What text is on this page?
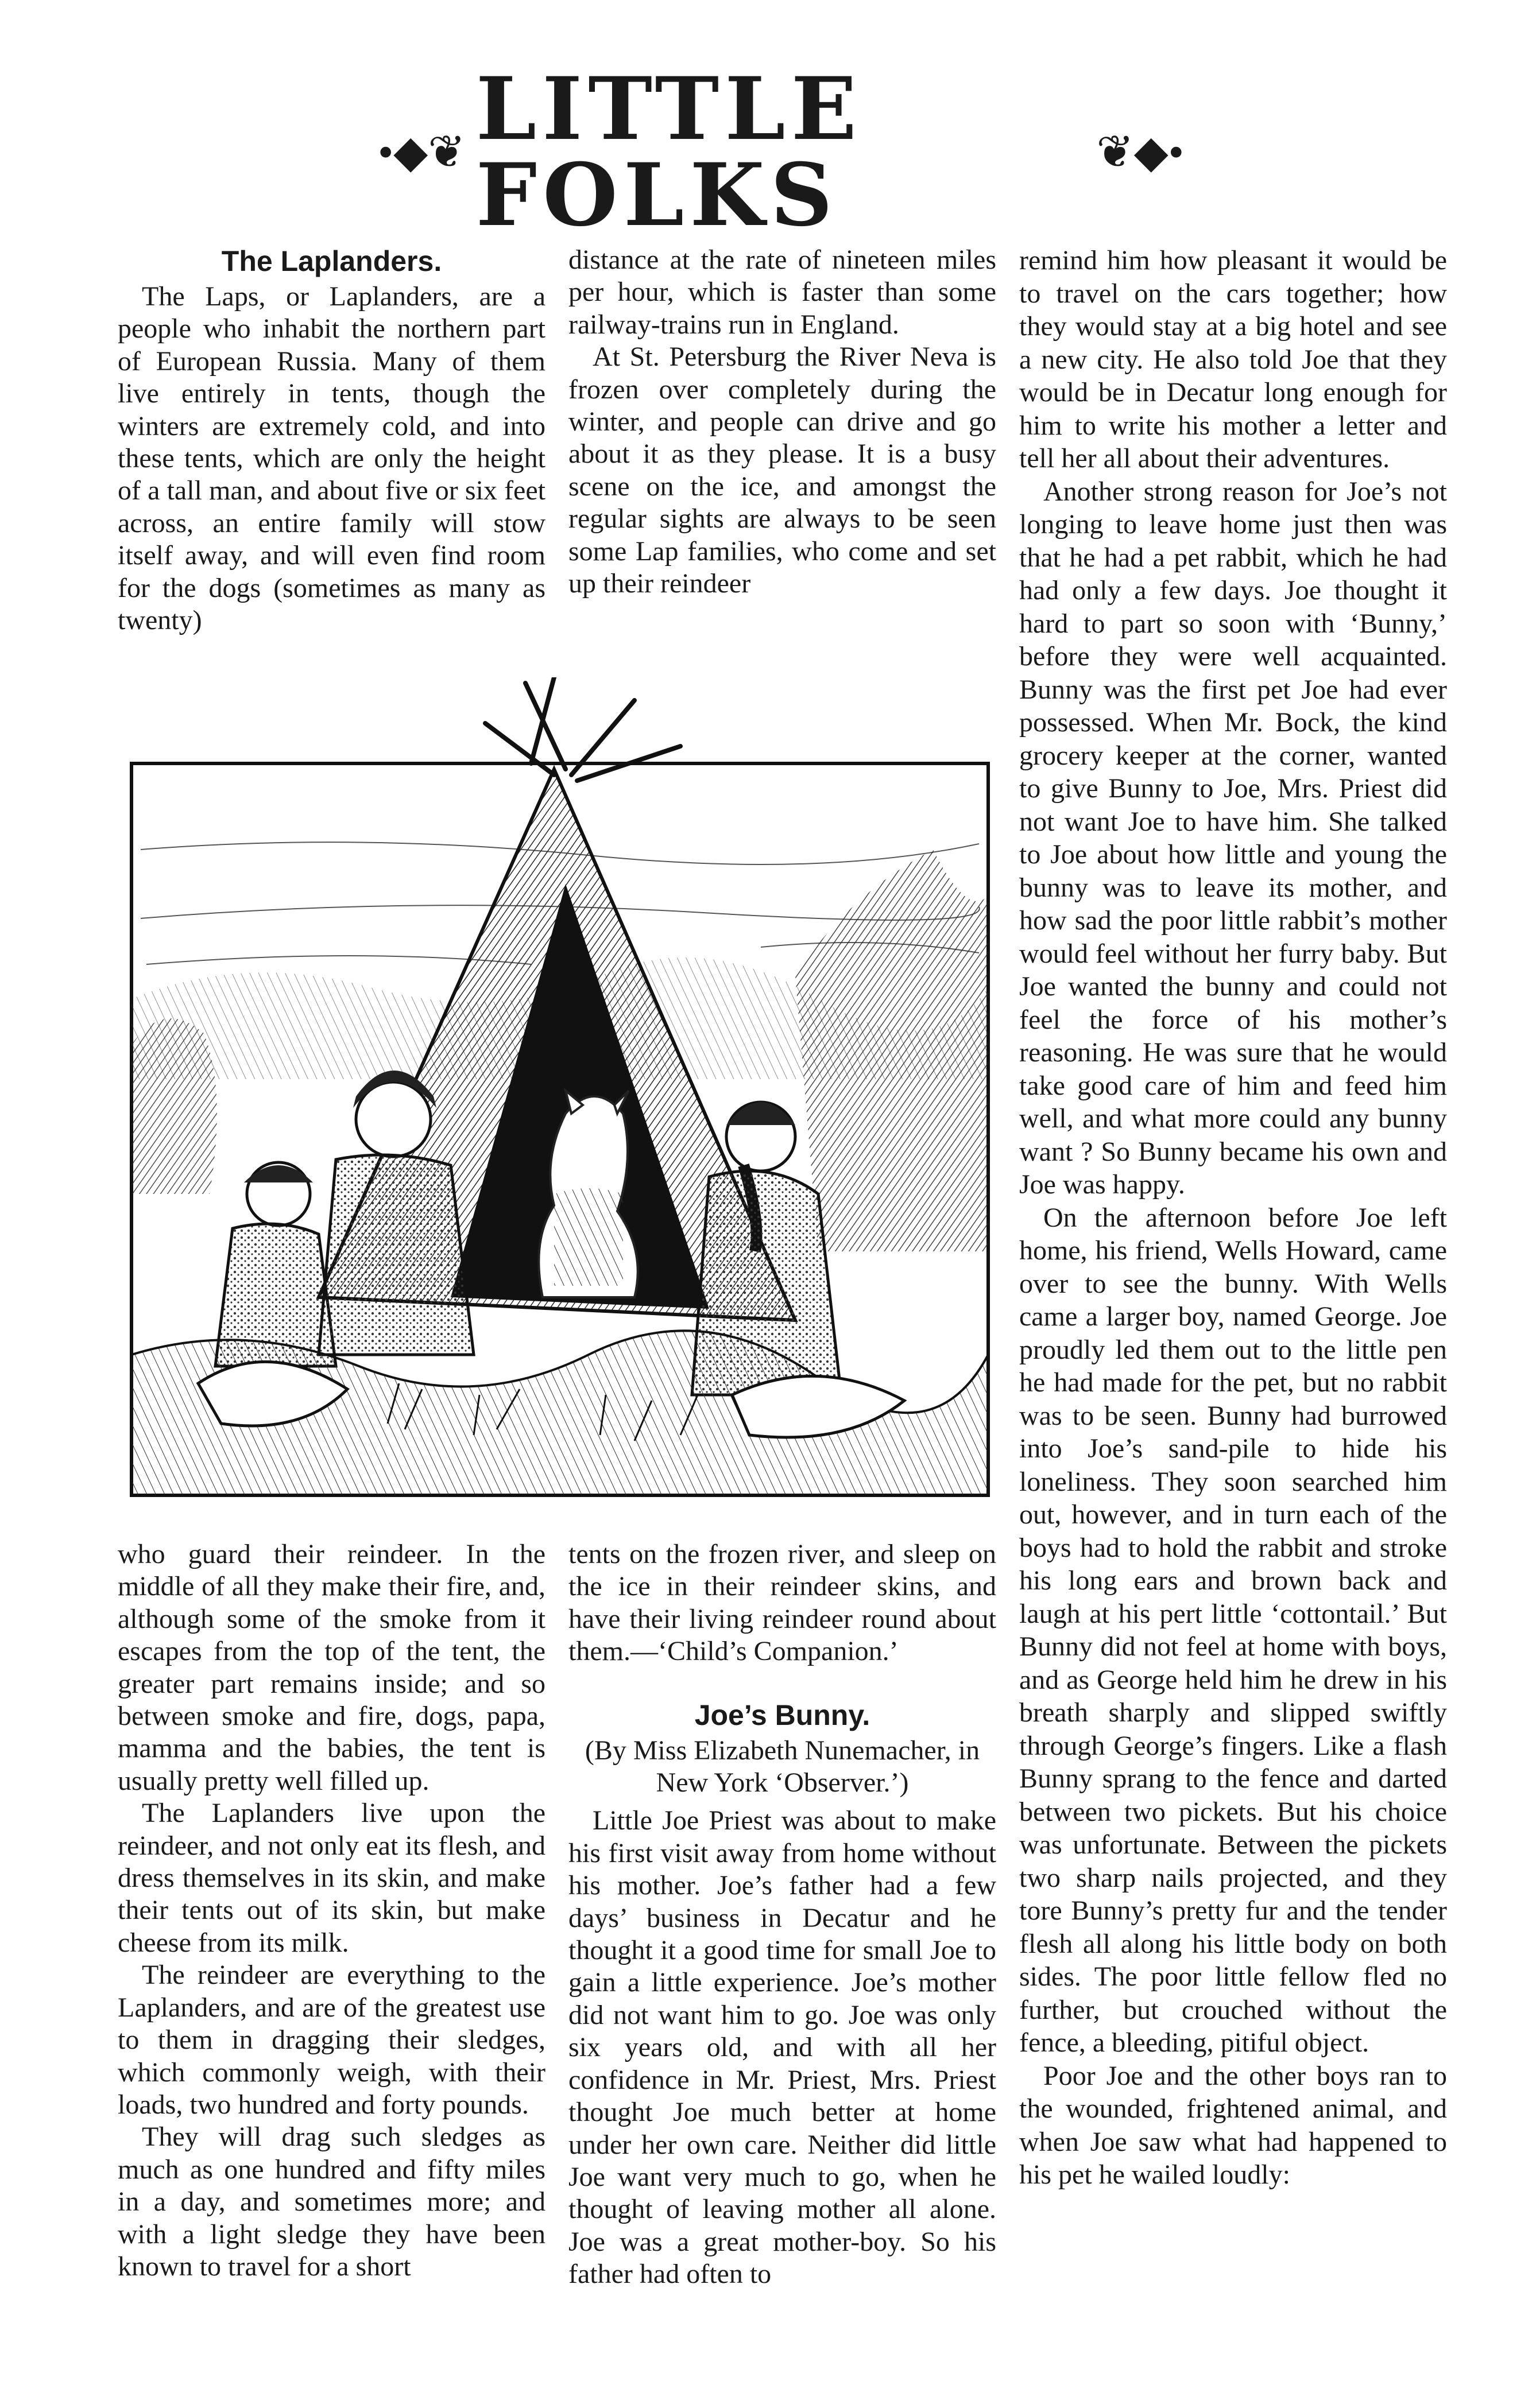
•◆❦ LITTLE FOLKS	❦◆•
The Laplanders.

The Laps, or Laplanders, are a people who inhabit the northern part of European Russia. Many of them live entirely in tents, though the winters are extremely cold, and into these tents, which are only the height of a tall man, and about five or six feet across, an entire family will stow itself away, and will even find room for the dogs (sometimes as many as twenty)

distance at the rate of nineteen miles per hour, which is faster than some railway-trains run in England.

At St. Petersburg the River Neva is frozen over completely during the winter, and people can drive and go about it as they please. It is a busy scene on the ice, and amongst the regular sights are always to be seen some Lap families, who come and set up their reindeer

who guard their reindeer. In the middle of all they make their fire, and, although some of the smoke from it escapes from the top of the tent, the greater part remains inside; and so between smoke and fire, dogs, papa, mamma and the babies, the tent is usually pretty well filled up.

The Laplanders live upon the reindeer, and not only eat its flesh, and dress themselves in its skin, and make their tents out of its skin, but make cheese from its milk.

The reindeer are everything to the Laplanders, and are of the greatest use to them in dragging their sledges, which commonly weigh, with their loads, two hundred and forty pounds.

They will drag such sledges as much as one hundred and fifty miles in a day, and sometimes more; and with a light sledge they have been known to travel for a short

tents on the frozen river, and sleep on the ice in their reindeer skins, and have their living reindeer round about them.—‘Child’s Companion.’

Joe’s Bunny.

(By Miss Elizabeth Nunemacher, in New York ‘Observer.’)

Little Joe Priest was about to make his first visit away from home without his mother. Joe’s father had a few days’ business in Decatur and he thought it a good time for small Joe to gain a little experience. Joe’s mother did not want him to go. Joe was only six years old, and with all her confidence in Mr. Priest, Mrs. Priest thought Joe much better at home under her own care. Neither did little Joe want very much to go, when he thought of leaving mother all alone. Joe was a great mother-boy. So his father had often to

remind him how pleasant it would be to travel on the cars together; how they would stay at a big hotel and see a new city. He also told Joe that they would be in Decatur long enough for him to write his mother a letter and tell her all about their adventures.

Another strong reason for Joe’s not longing to leave home just then was that he had a pet rabbit, which he had had only a few days. Joe thought it hard to part so soon with ‘Bunny,’ before they were well acquainted. Bunny was the first pet Joe had ever possessed. When Mr. Bock, the kind grocery keeper at the corner, wanted to give Bunny to Joe, Mrs. Priest did not want Joe to have him. She talked to Joe about how little and young the bunny was to leave its mother, and how sad the poor little rabbit’s mother would feel without her furry baby. But Joe wanted the bunny and could not feel the force of his mother’s reasoning. He was sure that he would take good care of him and feed him well, and what more could any bunny want ? So Bunny became his own and Joe was happy.

On the afternoon before Joe left home, his friend, Wells Howard, came over to see the bunny. With Wells came a larger boy, named George. Joe proudly led them out to the little pen he had made for the pet, but no rabbit was to be seen. Bunny had burrowed into Joe’s sand-pile to hide his loneliness. They soon searched him out, however, and in turn each of the boys had to hold the rabbit and stroke his long ears and brown back and laugh at his pert little ‘cottontail.’ But Bunny did not feel at home with boys, and as George held him he drew in his breath sharply and slipped swiftly through George’s fingers. Like a flash Bunny sprang to the fence and darted between two pickets. But his choice was unfortunate. Between the pickets two sharp nails projected, and they tore Bunny’s pretty fur and the tender flesh all along his little body on both sides. The poor little fellow fled no further, but crouched without the fence, a bleeding, pitiful object.

Poor Joe and the other boys ran to the wounded, frightened animal, and when Joe saw what had happened to his pet he wailed loudly:
